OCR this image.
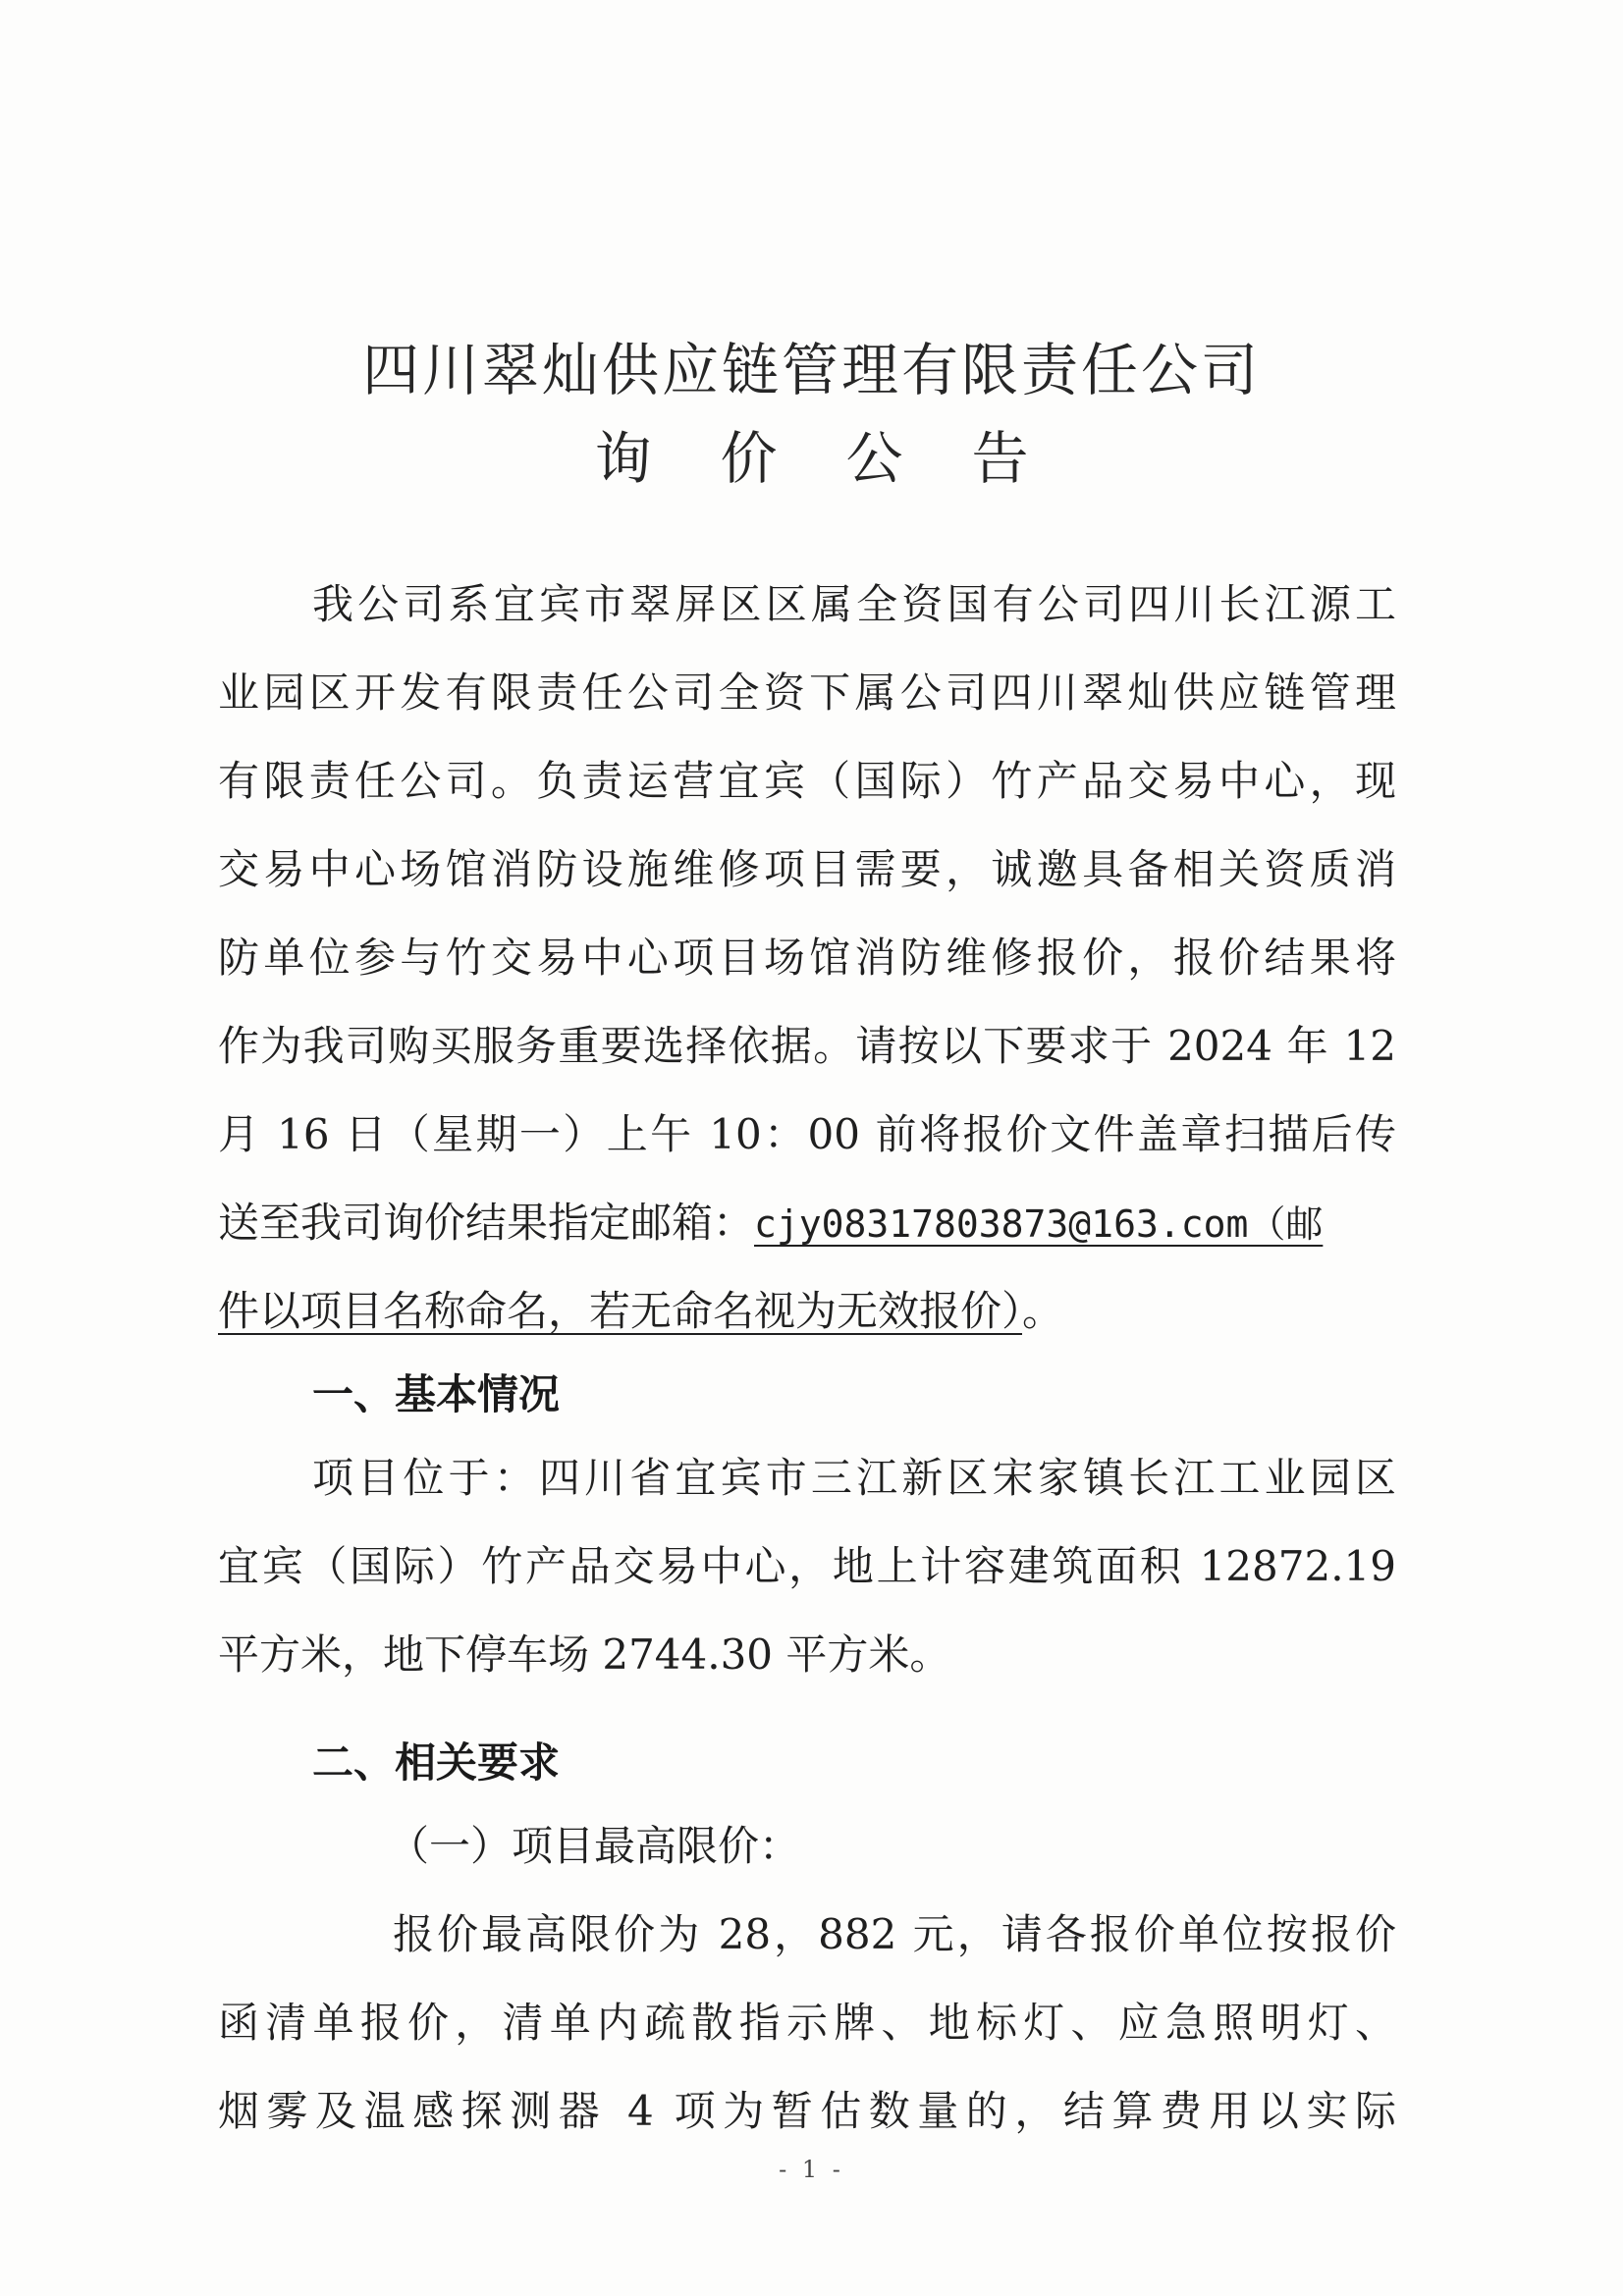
四川翠灿供应链管理有限责任公司
询价公告
我公司系宜宾市翠屏区区属全资国有公司四川长江源工
业园区开发有限责任公司全资下属公司四川翠灿供应链管理
有限责任公司。负责运营宜宾（国际）竹产品交易中心，现
交易中心场馆消防设施维修项目需要，诚邀具备相关资质消
防单位参与竹交易中心项目场馆消防维修报价，报价结果将
作为我司购买服务重要选择依据。请按以下要求于 2024 年 12
月 16 日（星期一）上午 10：00 前将报价文件盖章扫描后传
送至我司询价结果指定邮箱：cjy08317803873@163.com（邮
件以项目名称命名，若无命名视为无效报价）。
一、基本情况
项目位于：四川省宜宾市三江新区宋家镇长江工业园区
宜宾（国际）竹产品交易中心，地上计容建筑面积 12872.19
平方米，地下停车场 2744.30 平方米。
二、相关要求
（一）项目最高限价：
报价最高限价为 28，882 元，请各报价单位按报价
函清单报价，清单内疏散指示牌、地标灯、应急照明灯、
烟雾及温感探测器 4 项为暂估数量的，结算费用以实际
- 1 -
